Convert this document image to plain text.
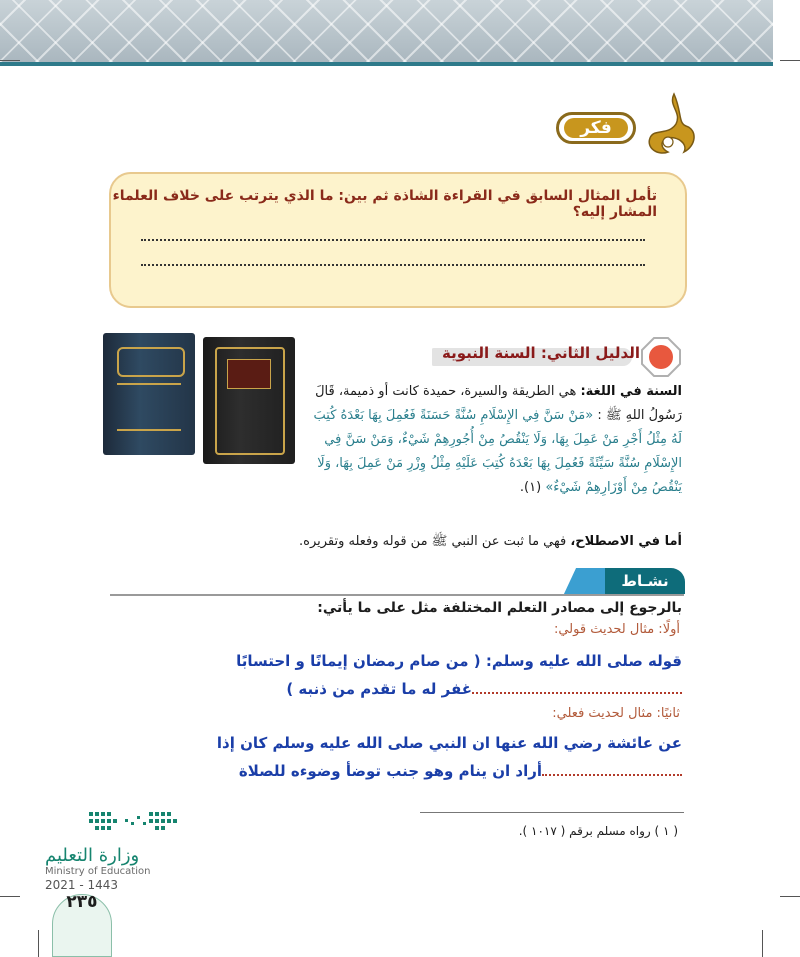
فكر
تأمل المثال السابق في القراءة الشاذة ثم بين: ما الذي يترتب على خلاف العلماء المشار إليه؟
الدليل الثاني: السنة النبوية
السنة في اللغة: هي الطريقة والسيرة، حميدة كانت أو ذميمة، قَالَ
رَسُولُ اللهِ ﷺ : «مَنْ سَنَّ فِي الإِسْلَامِ سُنَّةً حَسَنَةً فَعُمِلَ بِهَا بَعْدَهُ كُتِبَ
لَهُ مِثْلُ أَجْرِ مَنْ عَمِلَ بِهَا، وَلَا يَنْقُصُ مِنْ أُجُورِهِمْ شَيْءٌ، وَمَنْ سَنَّ فِي
الإِسْلَامِ سُنَّةً سَيِّئَةً فَعُمِلَ بِهَا بَعْدَهُ كُتِبَ عَلَيْهِ مِثْلُ وِزْرِ مَنْ عَمِلَ بِهَا، وَلَا
يَنْقُصُ مِنْ أَوْزَارِهِمْ شَيْءٌ» (١).
أما في الاصطلاح، فهي ما ثبت عن النبي ﷺ من قوله وفعله وتقريره.
نشـاط
بالرجوع إلى مصادر التعلم المختلفة مثل على ما يأتي:
أولًا: مثال لحديث قولي:
قوله صلى الله عليه وسلم: ( من صام رمضان إيمانًا و احتسابًا
غفر له ما تقدم من ذنبه )
ثانيًا: مثال لحديث فعلي:
عن عائشة رضي الله عنها ان النبي صلى الله عليه وسلم كان إذا
أراد ان ينام وهو جنب توضأ وضوءه للصلاة
( ١ ) رواه مسلم برقم ( ١٠١٧ ).
وزارة التعليم
Ministry of Education
2021 - 1443
٢٣٥
